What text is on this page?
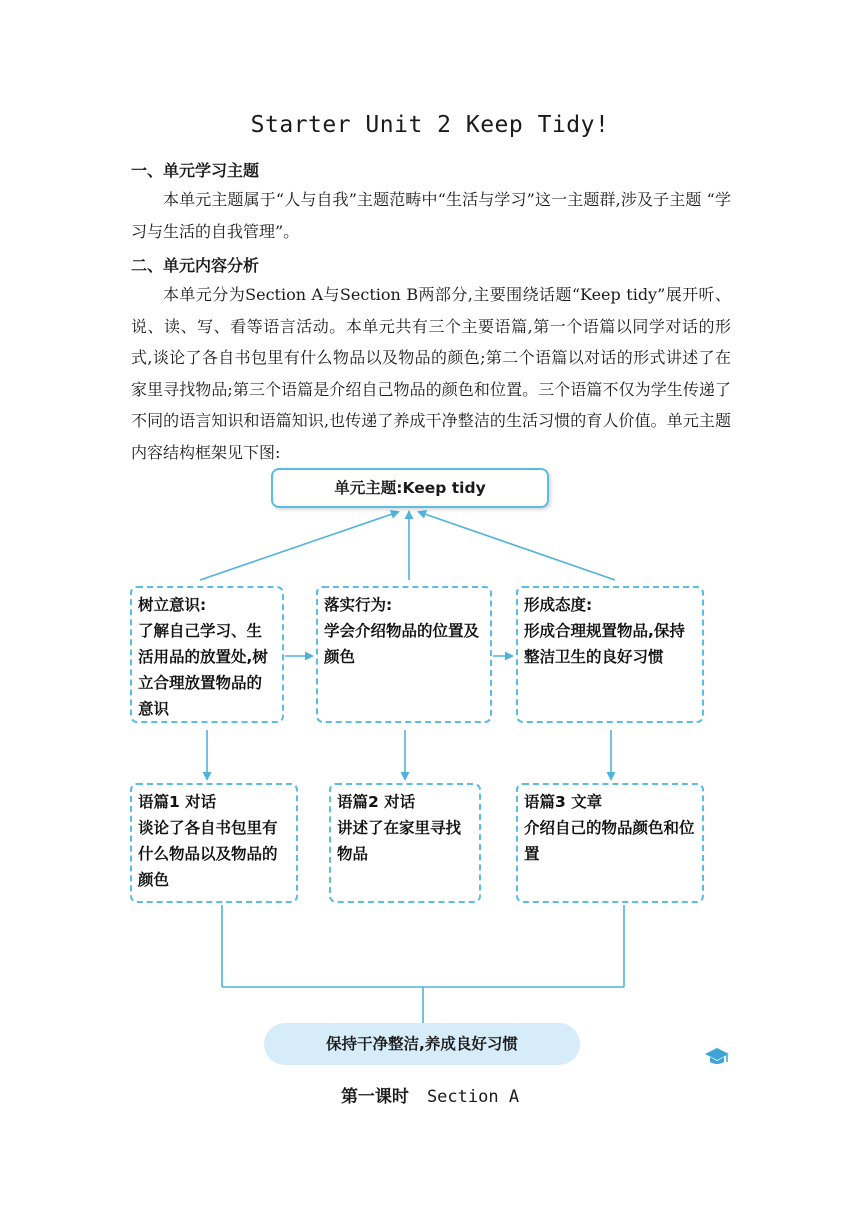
Starter Unit 2 Keep Tidy!
一、单元学习主题

本单元主题属于“人与自我”主题范畴中“生活与学习”这一主题群,涉及子主题 “学习与生活的自我管理”。

二、单元内容分析

本单元分为Section A与Section B两部分,主要围绕话题“Keep tidy”展开听、说、读、写、看等语言活动。本单元共有三个主要语篇,第一个语篇以同学对话的形式,谈论了各自书包里有什么物品以及物品的颜色;第二个语篇以对话的形式讲述了在家里寻找物品;第三个语篇是介绍自己物品的颜色和位置。三个语篇不仅为学生传递了不同的语言知识和语篇知识,也传递了养成干净整洁的生活习惯的育人价值。单元主题内容结构框架见下图:

单元主题:Keep tidy
树立意识:
了解自己学习、生活用品的放置处,树立合理放置物品的意识
落实行为:
学会介绍物品的位置及颜色
形成态度:
形成合理规置物品,保持整洁卫生的良好习惯
语篇1 对话
谈论了各自书包里有什么物品以及物品的颜色
语篇2 对话
讲述了在家里寻找物品
语篇3 文章
介绍自己的物品颜色和位置
保持干净整洁,养成良好习惯
第一课时 Section A
